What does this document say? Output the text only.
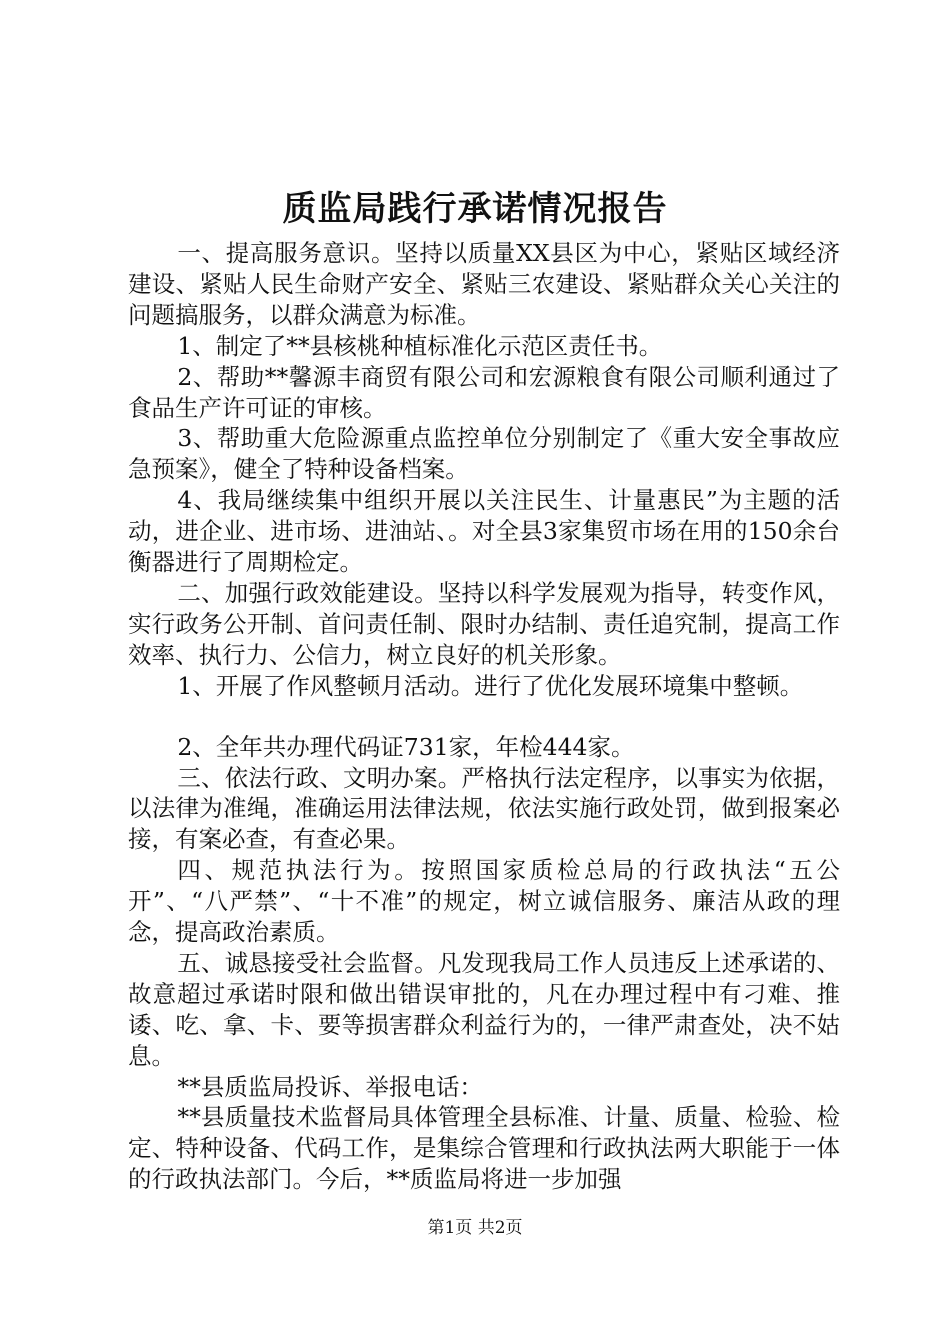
质监局践行承诺情况报告

一、提高服务意识。坚持以质量XX县区为中心，紧贴区域经济建设、紧贴人民生命财产安全、紧贴三农建设、紧贴群众关心关注的问题搞服务，以群众满意为标准。

1、制定了**县核桃种植标准化示范区责任书。

2、帮助**馨源丰商贸有限公司和宏源粮食有限公司顺利通过了食品生产许可证的审核。

3、帮助重大危险源重点监控单位分别制定了《重大安全事故应急预案》，健全了特种设备档案。

4、我局继续集中组织开展以关注民生、计量惠民”为主题的活动，进企业、进市场、进油站、。对全县3家集贸市场在用的150余台衡器进行了周期检定。

二、加强行政效能建设。坚持以科学发展观为指导，转变作风，实行政务公开制、首问责任制、限时办结制、责任追究制，提高工作效率、执行力、公信力，树立良好的机关形象。

1、开展了作风整顿月活动。进行了优化发展环境集中整顿。

2、全年共办理代码证731家，年检444家。

三、依法行政、文明办案。严格执行法定程序，以事实为依据，以法律为准绳，准确运用法律法规，依法实施行政处罚，做到报案必接，有案必查，有查必果。

四、规范执法行为。按照国家质检总局的行政执法“五公开”、“八严禁”、“十不准”的规定，树立诚信服务、廉洁从政的理念，提高政治素质。

五、诚恳接受社会监督。凡发现我局工作人员违反上述承诺的、故意超过承诺时限和做出错误审批的，凡在办理过程中有刁难、推诿、吃、拿、卡、要等损害群众利益行为的，一律严肃查处，决不姑息。

**县质监局投诉、举报电话：

**县质量技术监督局具体管理全县标准、计量、质量、检验、检定、特种设备、代码工作，是集综合管理和行政执法两大职能于一体的行政执法部门。今后，**质监局将进一步加强

第1页 共2页
